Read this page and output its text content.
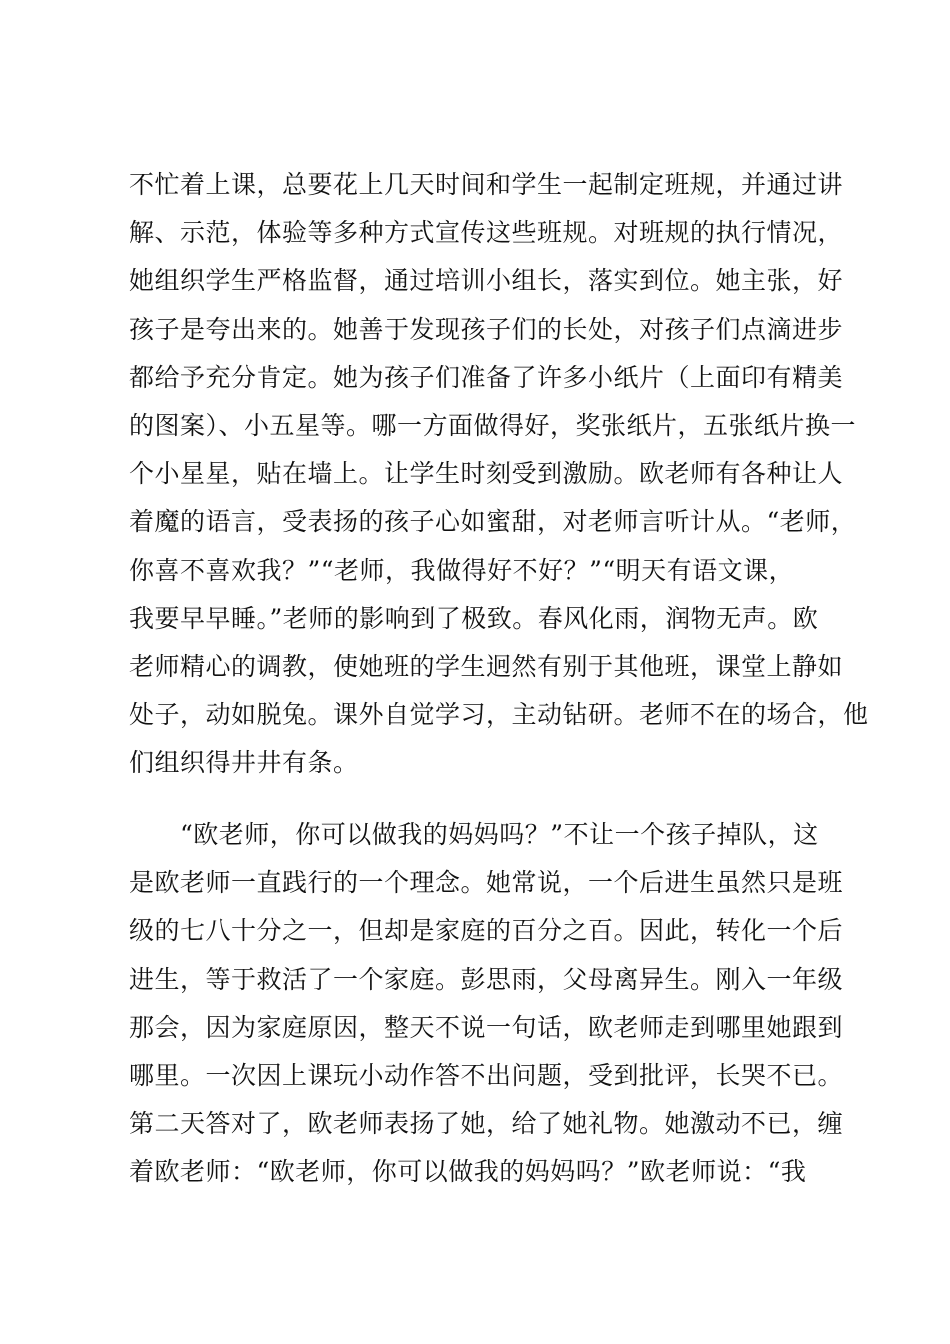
不忙着上课，总要花上几天时间和学生一起制定班规，并通过讲
解、示范，体验等多种方式宣传这些班规。对班规的执行情况，
她组织学生严格监督，通过培训小组长，落实到位。她主张，好
孩子是夸出来的。她善于发现孩子们的长处，对孩子们点滴进步
都给予充分肯定。她为孩子们准备了许多小纸片（上面印有精美
的图案）、小五星等。哪一方面做得好，奖张纸片，五张纸片换一
个小星星，贴在墙上。让学生时刻受到激励。欧老师有各种让人
着魔的语言，受表扬的孩子心如蜜甜，对老师言听计从。“老师，
你喜不喜欢我？”“老师，我做得好不好？”“明天有语文课，
我要早早睡。”老师的影响到了极致。春风化雨，润物无声。欧
老师精心的调教，使她班的学生迥然有别于其他班，课堂上静如
处子，动如脱兔。课外自觉学习，主动钻研。老师不在的场合，他
们组织得井井有条。
　　“欧老师，你可以做我的妈妈吗？”不让一个孩子掉队，这
是欧老师一直践行的一个理念。她常说，一个后进生虽然只是班
级的七八十分之一，但却是家庭的百分之百。因此，转化一个后
进生，等于救活了一个家庭。彭思雨，父母离异生。刚入一年级
那会，因为家庭原因，整天不说一句话，欧老师走到哪里她跟到
哪里。一次因上课玩小动作答不出问题，受到批评，长哭不已。
第二天答对了，欧老师表扬了她，给了她礼物。她激动不已，缠
着欧老师：“欧老师，你可以做我的妈妈吗？”欧老师说：“我
